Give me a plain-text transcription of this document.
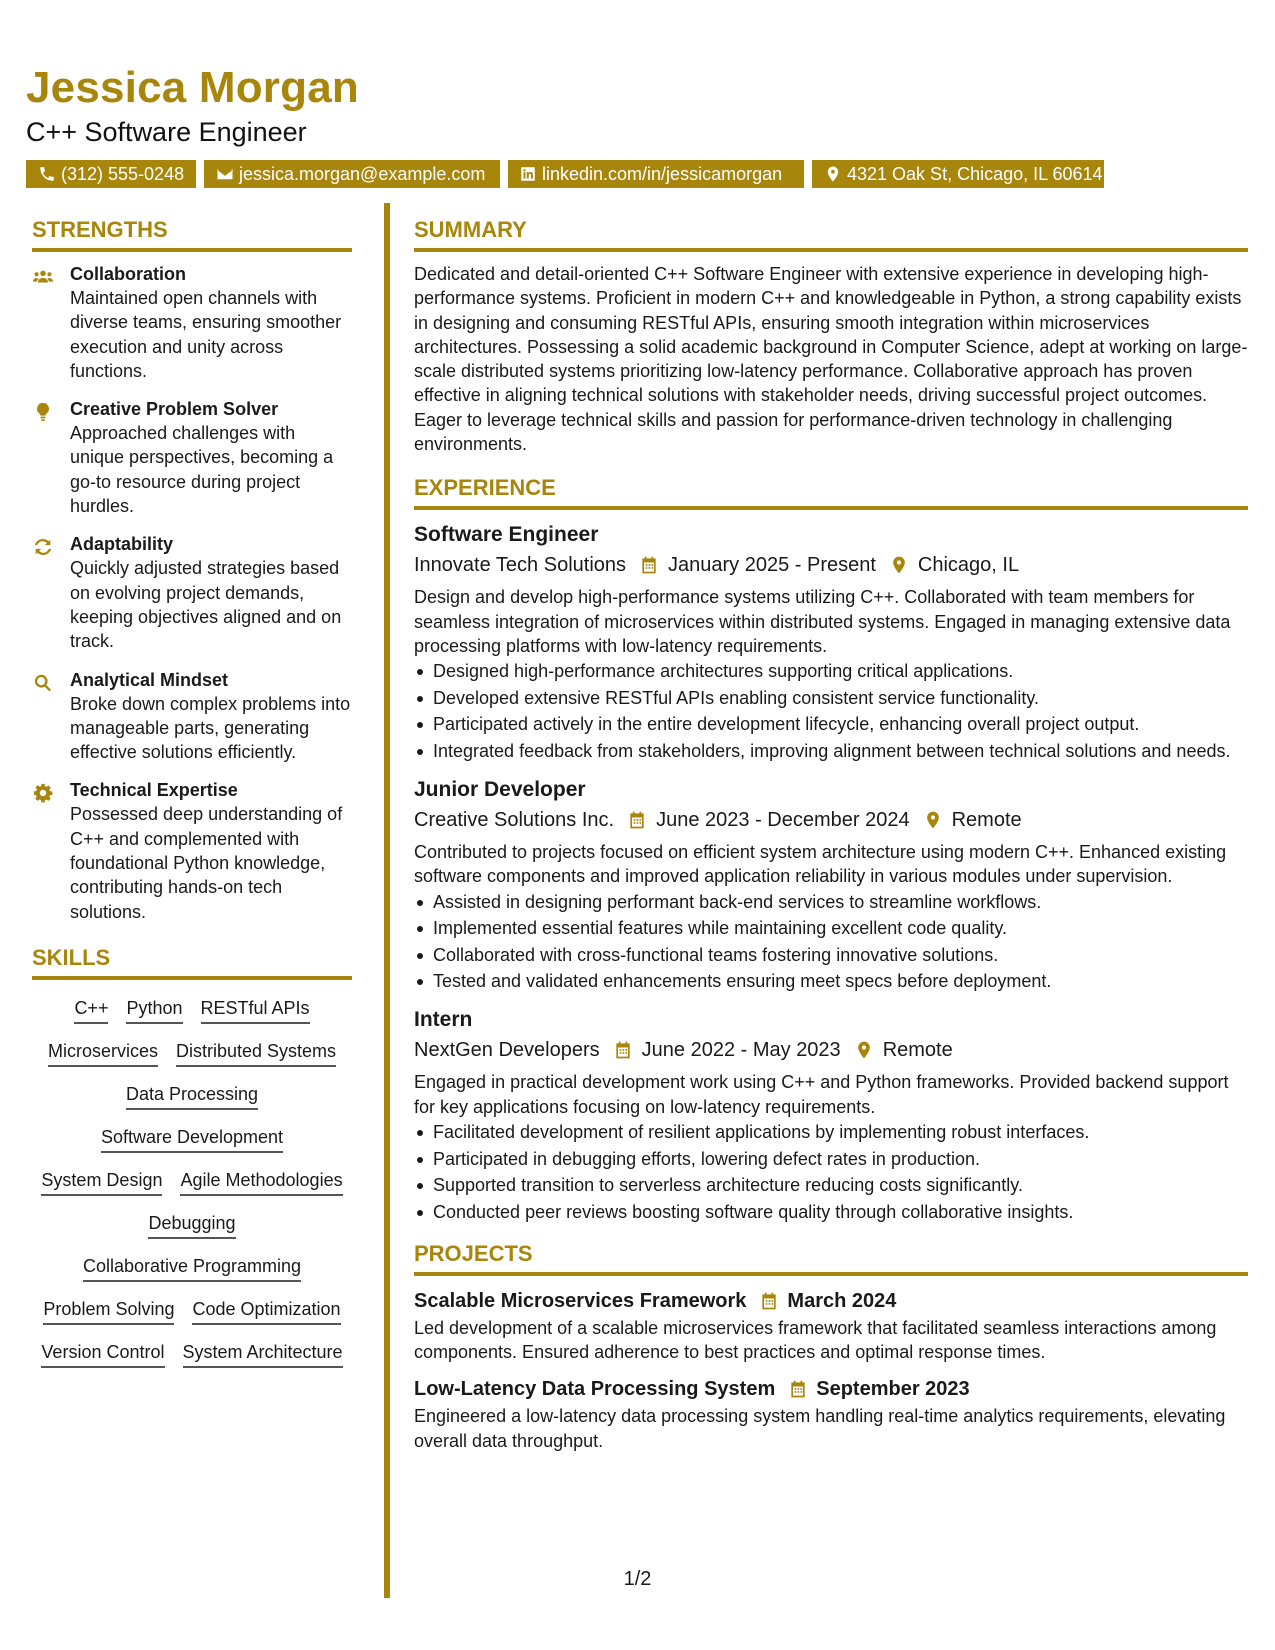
Jessica Morgan
C++ Software Engineer
(312) 555-0248	jessica.morgan@example.com	linkedin.com/in/jessicamorgan	4321 Oak St, Chicago, IL 60614
STRENGTHS
Collaboration
Maintained open channels with diverse teams, ensuring smoother execution and unity across functions.
Creative Problem Solver
Approached challenges with unique perspectives, becoming a go-to resource during project hurdles.
Adaptability
Quickly adjusted strategies based on evolving project demands, keeping objectives aligned and on track.
Analytical Mindset
Broke down complex problems into manageable parts, generating effective solutions efficiently.
Technical Expertise
Possessed deep understanding of C++ and complemented with foundational Python knowledge, contributing hands-on tech solutions.
SKILLS
C++ Python RESTful APIs
Microservices Distributed Systems
Data Processing
Software Development
System Design Agile Methodologies
Debugging
Collaborative Programming
Problem Solving Code Optimization
Version Control System Architecture
SUMMARY
Dedicated and detail-oriented C++ Software Engineer with extensive experience in developing high-performance systems. Proficient in modern C++ and knowledgeable in Python, a strong capability exists in designing and consuming RESTful APIs, ensuring smooth integration within microservices architectures. Possessing a solid academic background in Computer Science, adept at working on large-scale distributed systems prioritizing low-latency performance. Collaborative approach has proven effective in aligning technical solutions with stakeholder needs, driving successful project outcomes. Eager to leverage technical skills and passion for performance-driven technology in challenging environments.
EXPERIENCE
Software Engineer
Innovate Tech Solutions January 2025 - Present Chicago, IL
Design and develop high-performance systems utilizing C++. Collaborated with team members for seamless integration of microservices within distributed systems. Engaged in managing extensive data processing platforms with low-latency requirements.
Designed high-performance architectures supporting critical applications.
Developed extensive RESTful APIs enabling consistent service functionality.
Participated actively in the entire development lifecycle, enhancing overall project output.
Integrated feedback from stakeholders, improving alignment between technical solutions and needs.
Junior Developer
Creative Solutions Inc. June 2023 - December 2024 Remote
Contributed to projects focused on efficient system architecture using modern C++. Enhanced existing software components and improved application reliability in various modules under supervision.
Assisted in designing performant back-end services to streamline workflows.
Implemented essential features while maintaining excellent code quality.
Collaborated with cross-functional teams fostering innovative solutions.
Tested and validated enhancements ensuring meet specs before deployment.
Intern
NextGen Developers June 2022 - May 2023 Remote
Engaged in practical development work using C++ and Python frameworks. Provided backend support for key applications focusing on low-latency requirements.
Facilitated development of resilient applications by implementing robust interfaces.
Participated in debugging efforts, lowering defect rates in production.
Supported transition to serverless architecture reducing costs significantly.
Conducted peer reviews boosting software quality through collaborative insights.
PROJECTS
Scalable Microservices Framework March 2024
Led development of a scalable microservices framework that facilitated seamless interactions among components. Ensured adherence to best practices and optimal response times.
Low-Latency Data Processing System September 2023
Engineered a low-latency data processing system handling real-time analytics requirements, elevating overall data throughput.
1/2
